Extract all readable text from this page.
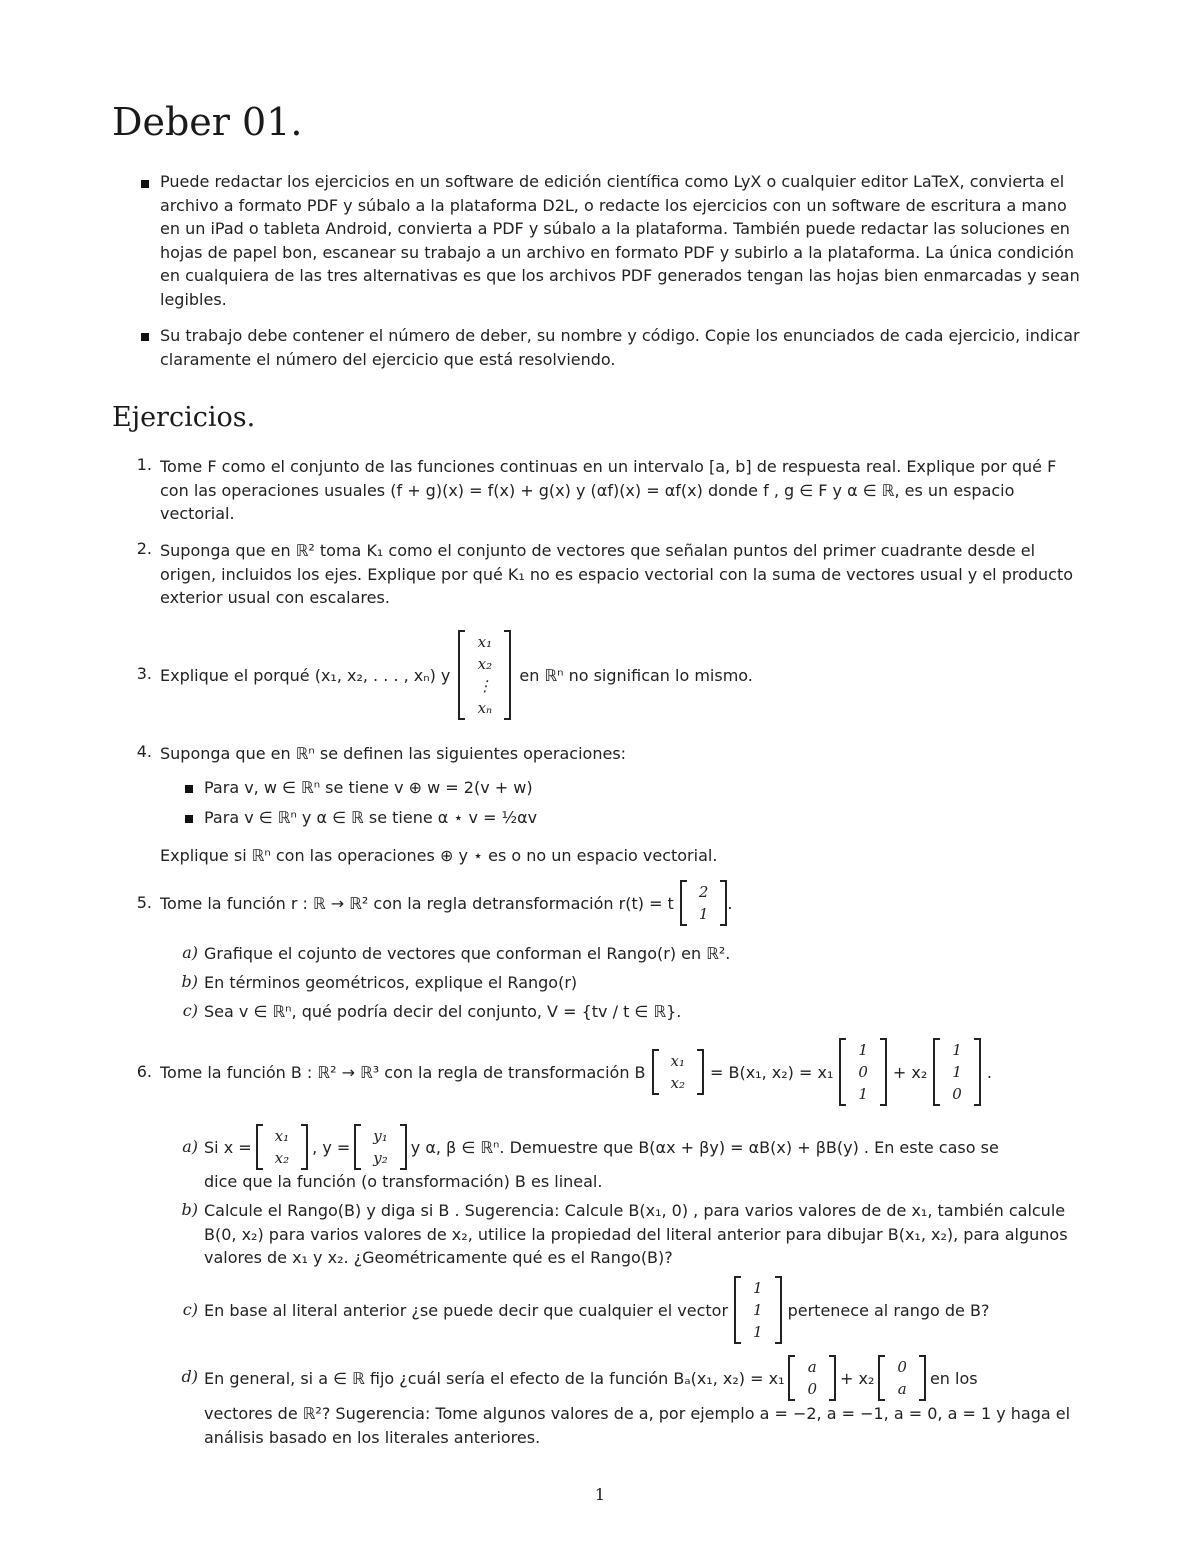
Deber 01.
Puede redactar los ejercicios en un software de edición científica como LyX o cualquier editor LaTeX, convierta el archivo a formato PDF y súbalo a la plataforma D2L, o redacte los ejercicios con un software de escritura a mano en un iPad o tableta Android, convierta a PDF y súbalo a la plataforma. También puede redactar las soluciones en hojas de papel bon, escanear su trabajo a un archivo en formato PDF y subirlo a la plataforma. La única condición en cualquiera de las tres alternativas es que los archivos PDF generados tengan las hojas bien enmarcadas y sean legibles.
Su trabajo debe contener el número de deber, su nombre y código. Copie los enunciados de cada ejercicio, indicar claramente el número del ejercicio que está resolviendo.
Ejercicios.
1. Tome F como el conjunto de las funciones continuas en un intervalo [a, b] de respuesta real. Explique por qué F con las operaciones usuales (f + g)(x) = f(x) + g(x) y (αf)(x) = αf(x) donde f , g ∈ F y α ∈ ℝ, es un espacio vectorial.
2. Suponga que en ℝ² toma K₁ como el conjunto de vectores que señalan puntos del primer cuadrante desde el origen, incluidos los ejes. Explique por qué K₁ no es espacio vectorial con la suma de vectores usual y el producto exterior usual con escalares.
3. Explique el porqué (x₁, x₂, . . . , xₙ) y
x₁
x₂
⋮
xₙ
en ℝⁿ no significan lo mismo.
4. Suponga que en ℝⁿ se definen las siguientes operaciones:
Para v, w ∈ ℝⁿ se tiene v ⊕ w = 2(v + w)
Para v ∈ ℝⁿ y α ∈ ℝ se tiene α ⋆ v = ½αv
Explique si ℝⁿ con las operaciones ⊕ y ⋆ es o no un espacio vectorial.
5. Tome la función r : ℝ → ℝ² con la regla detransformación r(t) = t
2
1
.
a) Grafique el cojunto de vectores que conforman el Rango(r) en ℝ².
b) En términos geométricos, explique el Rango(r)
c) Sea v ∈ ℝⁿ, qué podría decir del conjunto, V = {tv / t ∈ ℝ}.
6. Tome la función B : ℝ² → ℝ³ con la regla de transformación B
x₁
x₂
= B(x₁, x₂) = x₁
1
0
1
+ x₂
1
1
0
.
a) Si x =
x₁
x₂
, y =
y₁
y₂
y α, β ∈ ℝⁿ. Demuestre que B(αx + βy) = αB(x) + βB(y) . En este caso se
dice que la función (o transformación) B es lineal.
b) Calcule el Rango(B) y diga si B . Sugerencia: Calcule B(x₁, 0) , para varios valores de de x₁, también calcule B(0, x₂) para varios valores de x₂, utilice la propiedad del literal anterior para dibujar B(x₁, x₂), para algunos valores de x₁ y x₂. ¿Geométricamente qué es el Rango(B)?
c) En base al literal anterior ¿se puede decir que cualquier el vector
1
1
1
pertenece al rango de B?
d) En general, si a ∈ ℝ fijo ¿cuál sería el efecto de la función Bₐ(x₁, x₂) = x₁
a
0
+ x₂
0
a
en los
vectores de ℝ²? Sugerencia: Tome algunos valores de a, por ejemplo a = −2, a = −1, a = 0, a = 1 y haga el análisis basado en los literales anteriores.
1
